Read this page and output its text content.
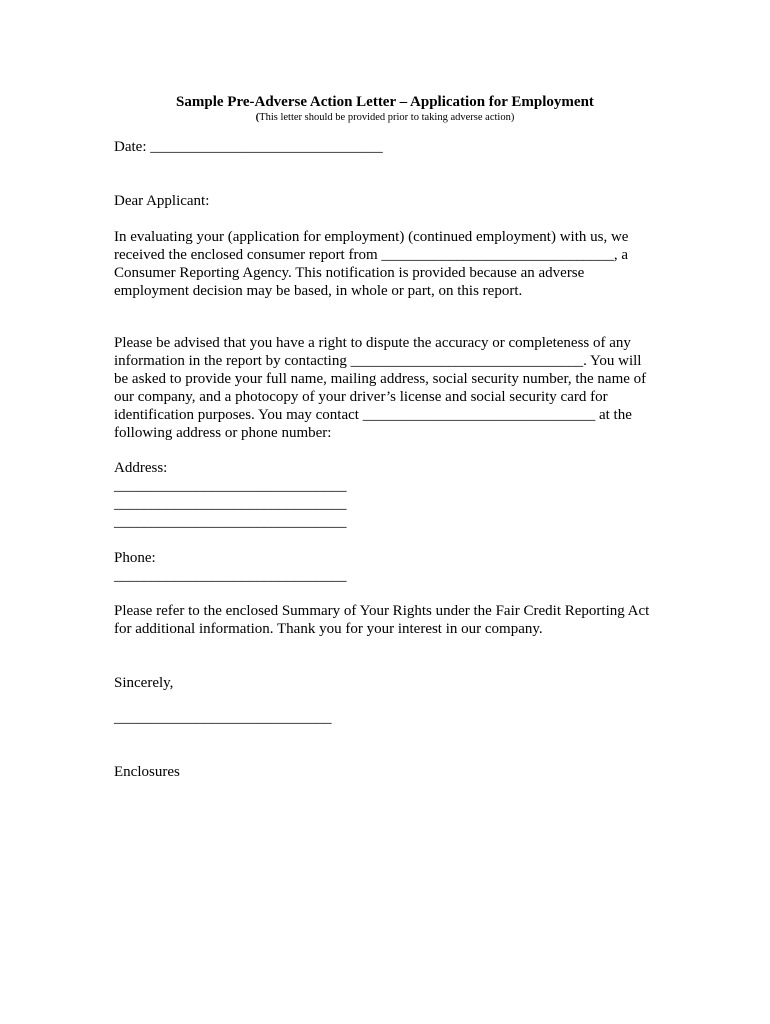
Sample Pre-Adverse Action Letter – Application for Employment
(This letter should be provided prior to taking adverse action)
Date: _______________________________
Dear Applicant:
In evaluating your (application for employment) (continued employment) with us, we
received the enclosed consumer report from _______________________________, a
Consumer Reporting Agency. This notification is provided because an adverse
employment decision may be based, in whole or part, on this report.
Please be advised that you have a right to dispute the accuracy or completeness of any
information in the report by contacting _______________________________. You will
be asked to provide your full name, mailing address, social security number, the name of
our company, and a photocopy of your driver’s license and social security card for
identification purposes. You may contact _______________________________ at the
following address or phone number:
Address:
_______________________________
_______________________________
_______________________________
Phone:
_______________________________
Please refer to the enclosed Summary of Your Rights under the Fair Credit Reporting Act
for additional information. Thank you for your interest in our company.
Sincerely,
_____________________________
Enclosures
